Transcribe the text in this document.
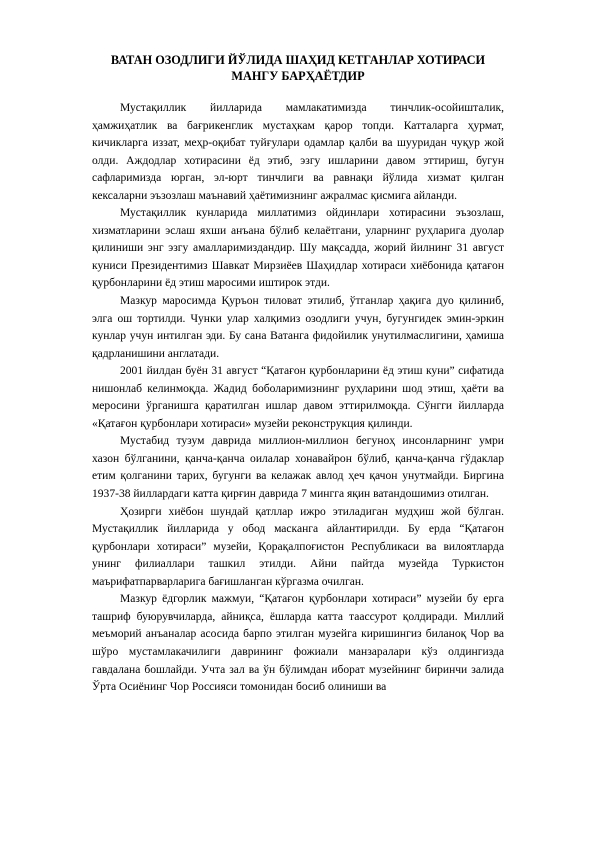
ВАТАН ОЗОДЛИГИ ЙЎЛИДА ШАҲИД КЕТГАНЛАР ХОТИРАСИ
МАНГУ БАРҲАЁТДИР

Мустақиллик йилларида мамлакатимизда тинчлик-осойишталик, ҳамжиҳатлик ва бағрикенглик мустаҳкам қарор топди. Катталарга ҳурмат, кичикларга иззат, меҳр-оқибат туйғулари одамлар қалби ва шууридан чуқур жой олди. Аждодлар хотирасини ёд этиб, эзгу ишларини давом эттириш, бугун сафларимизда юрган, эл-юрт тинчлиги ва равнақи йўлида хизмат қилган кексаларни эъзозлаш маънавий ҳаётимизнинг ажралмас қисмига айланди.

Мустақиллик кунларида миллатимиз ойдинлари хотирасини эъзозлаш, хизматларини эслаш яхши анъана бўлиб келаётгани, уларнинг руҳларига дуолар қилиниши энг эзгу амалларимиздандир. Шу мақсадда, жорий йилнинг 31 август куниси Президентимиз Шавкат Мирзиёев Шаҳидлар хотираси хиёбонида қатағон қурбонларини ёд этиш маросими иштирок этди.

Мазкур маросимда Қуръон тиловат этилиб, ўтганлар ҳақига дуо қилиниб, элга ош тортилди. Чунки улар халқимиз озодлиги учун, бугунгидек эмин-эркин кунлар учун интилган эди. Бу сана Ватанга фидойилик унутилмаслигини, ҳамиша қадрланишини англатади.

2001 йилдан буён 31 август “Қатағон қурбонларини ёд этиш куни” сифатида нишонлаб келинмоқда. Жадид боболаримизнинг руҳларини шод этиш, ҳаёти ва меросини ўрганишга қаратилган ишлар давом эттирилмоқда. Сўнгги йилларда «Қатағон қурбонлари хотираси» музейи реконструкция қилинди.

Мустабид тузум даврида миллион-миллион бегуноҳ инсонларнинг умри хазон бўлганини, қанча-қанча оилалар хонавайрон бўлиб, қанча-қанча гўдаклар етим қолганини тарих, бугунги ва келажак авлод ҳеч қачон унутмайди. Биргина 1937-38 йиллардаги катта қирғин даврида 7 мингга яқин ватандошимиз отилган.

Ҳозирги хиёбон шундай қатллар ижро этиладиган мудҳиш жой бўлган. Мустақиллик йилларида у обод масканга айлантирилди. Бу ерда “Қатағон қурбонлари хотираси” музейи, Қорақалпоғистон Республикаси ва вилоятларда унинг филиаллари ташкил этилди. Айни пайтда музейда Туркистон маърифатпарварларига бағишланган кўргазма очилган.

Мазкур ёдгорлик мажмуи, “Қатағон қурбонлари хотираси” музейи бу ерга ташриф буюрувчиларда, айниқса, ёшларда катта таассурот қолдиради. Миллий меъморий анъаналар асосида барпо этилган музейга киришингиз биланоқ Чор ва шўро мустамлакачилиги даврининг фожиали манзаралари кўз олдингизда гавдалана бошлайди. Учта зал ва ўн бўлимдан иборат музейнинг биринчи залида Ўрта Осиёнинг Чор Россияси томонидан босиб олиниши ва
